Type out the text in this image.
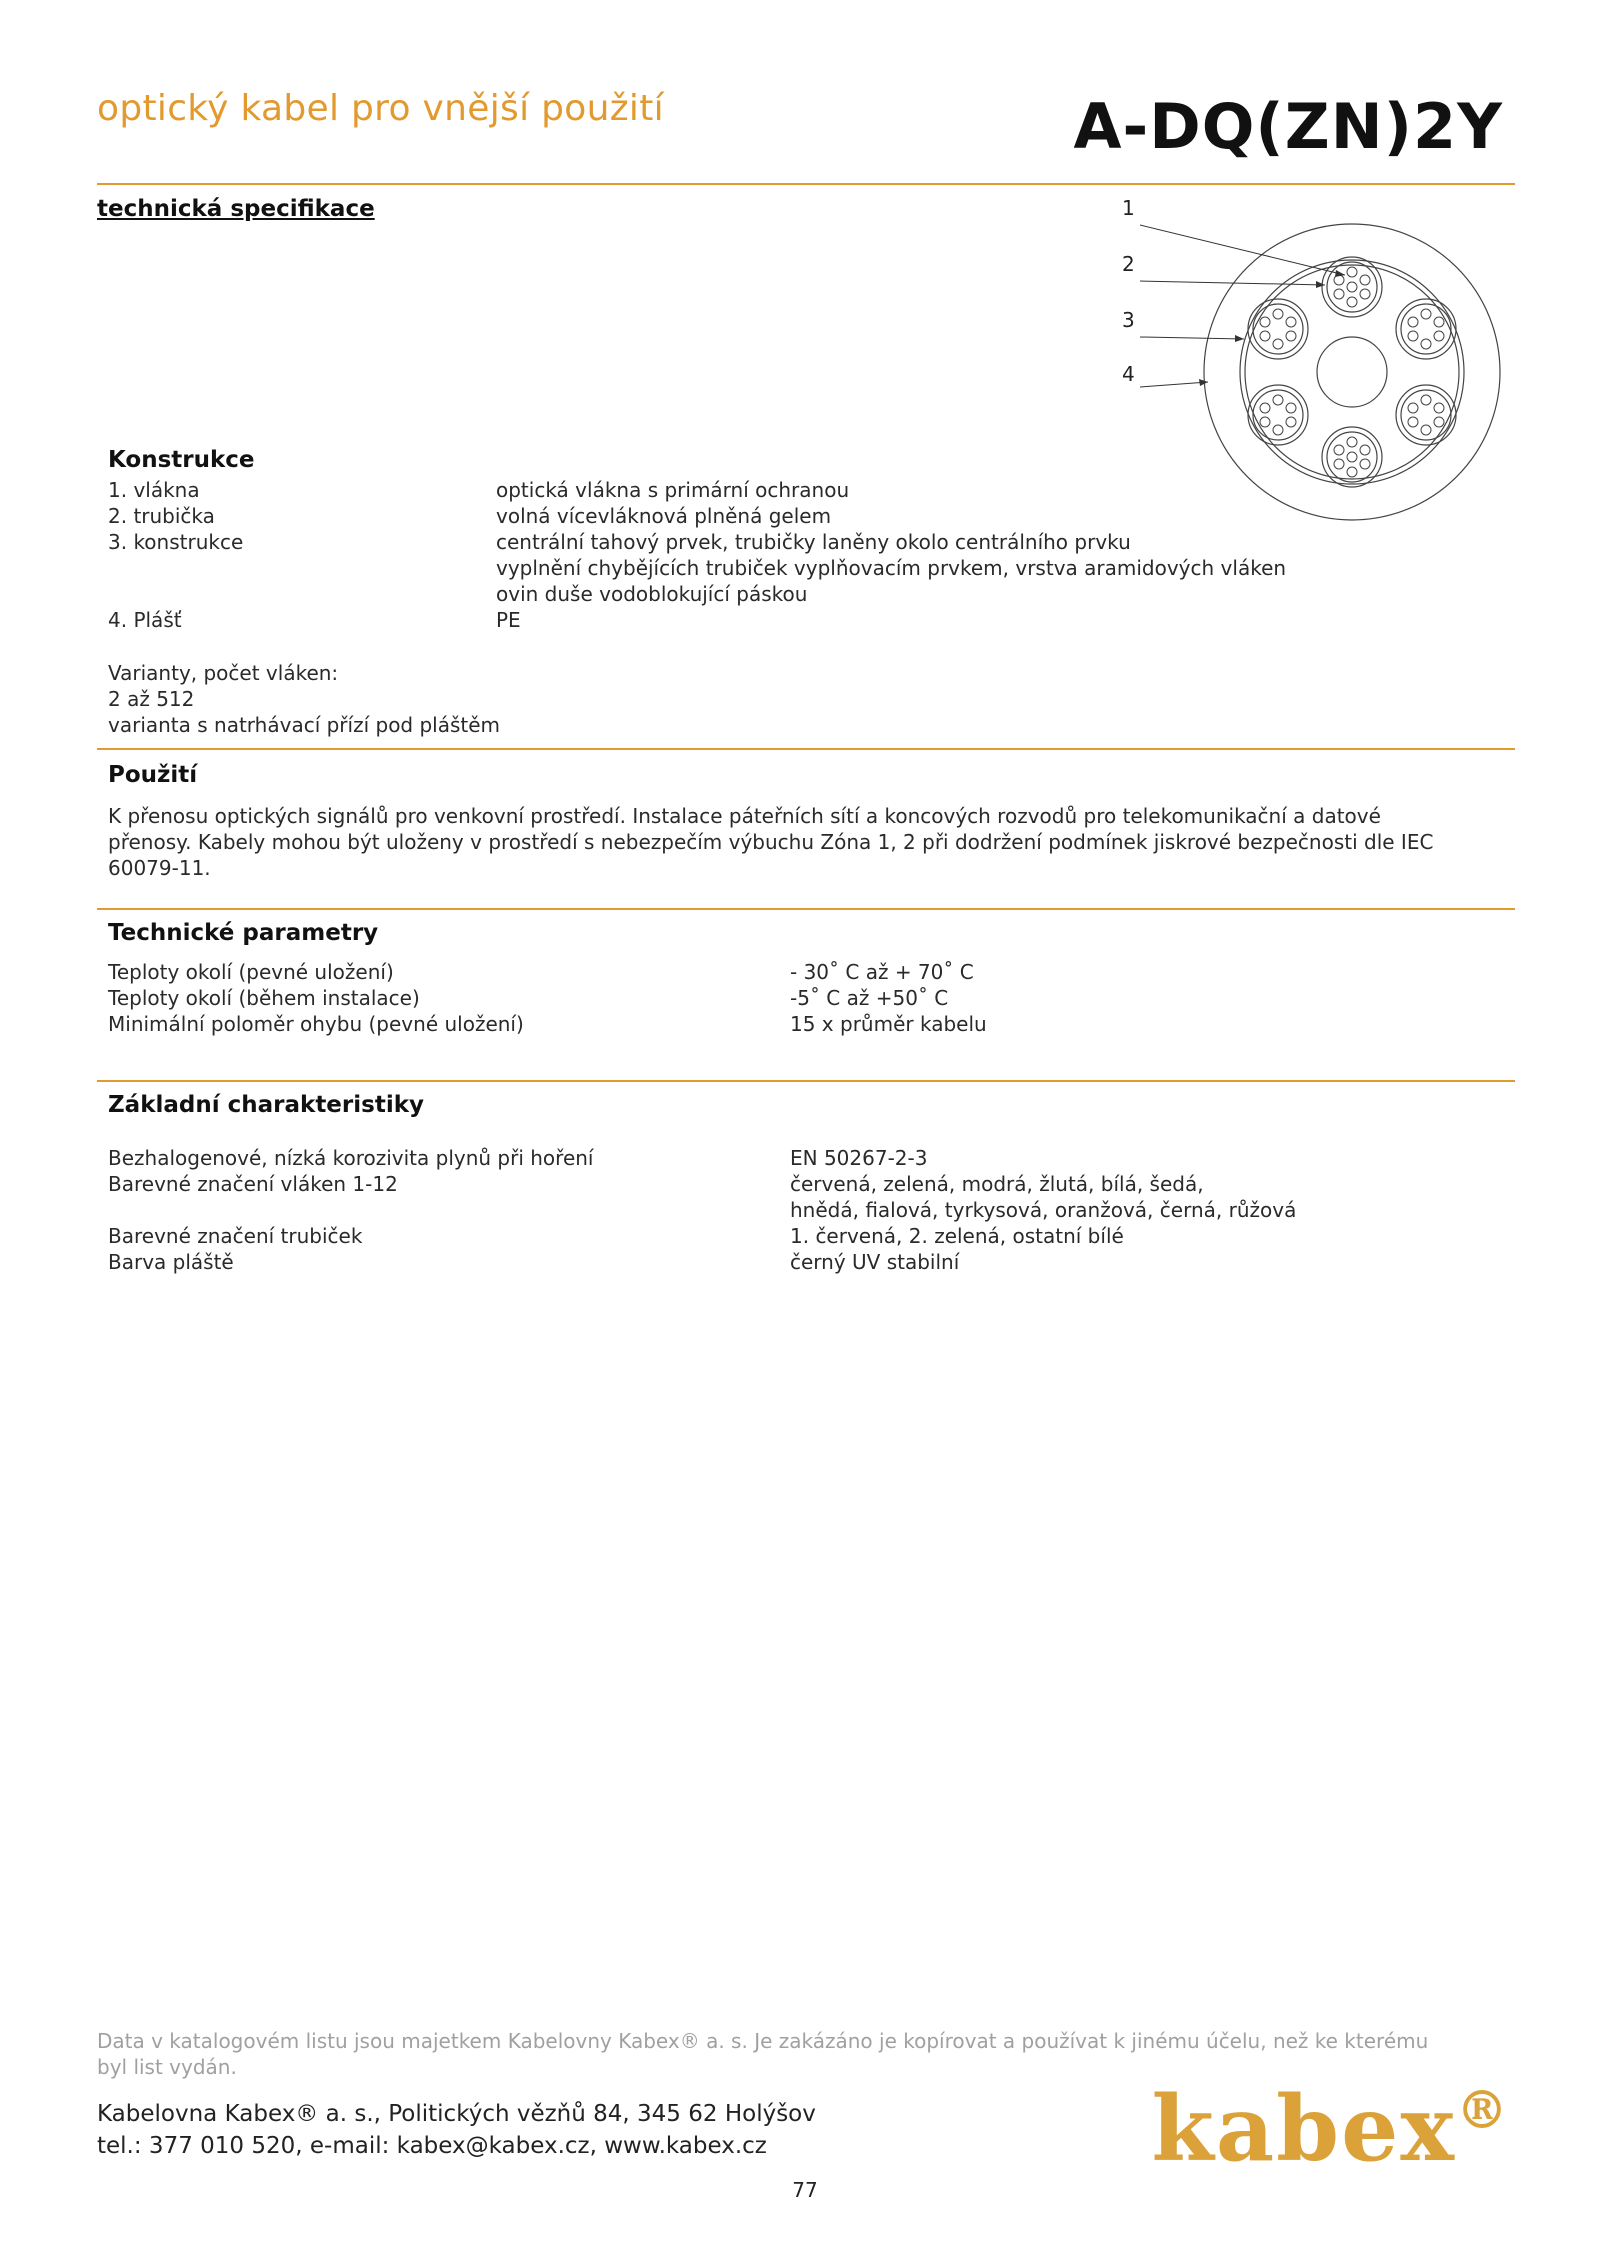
optický kabel pro vnější použití	A-DQ(ZN)2Y
technická specifikace	1
2
3
4
Konstrukce
1. vlákna	optická vlákna s primární ochranou
2. trubička	volná vícevláknová plněná gelem
3. konstrukce	centrální tahový prvek, trubičky laněny okolo centrálního prvku
vyplnění chybějících trubiček vyplňovacím prvkem, vrstva aramidových vláken
ovin duše vodoblokující páskou
4. Plášť	PE
Varianty, počet vláken:
2 až 512
varianta s natrhávací přízí pod pláštěm
Použití
K přenosu optických signálů pro venkovní prostředí. Instalace páteřních sítí a koncových rozvodů pro telekomunikační a datové
přenosy. Kabely mohou být uloženy v prostředí s nebezpečím výbuchu Zóna 1, 2 při dodržení podmínek jiskrové bezpečnosti dle IEC
60079-11.
Technické parametry
Teploty okolí (pevné uložení)	- 30˚ C až + 70˚ C
Teploty okolí (během instalace)	-5˚ C až +50˚ C
Minimální poloměr ohybu (pevné uložení)	15 x průměr kabelu
Základní charakteristiky
Bezhalogenové, nízká korozivita plynů při hoření	EN 50267-2-3
Barevné značení vláken 1-12	červená, zelená, modrá, žlutá, bílá, šedá,
hnědá, fialová, tyrkysová, oranžová, černá, růžová
Barevné značení trubiček	1. červená, 2. zelená, ostatní bílé
Barva pláště	černý UV stabilní
Data v katalogovém listu jsou majetkem Kabelovny Kabex® a. s. Je zakázáno je kopírovat a používat k jinému účelu, než ke kterému
byl list vydán.
Kabelovna Kabex® a. s., Politických vězňů 84, 345 62 Holýšov
tel.: 377 010 520, e-mail: kabex@kabex.cz, www.kabex.cz	kabex®
77
